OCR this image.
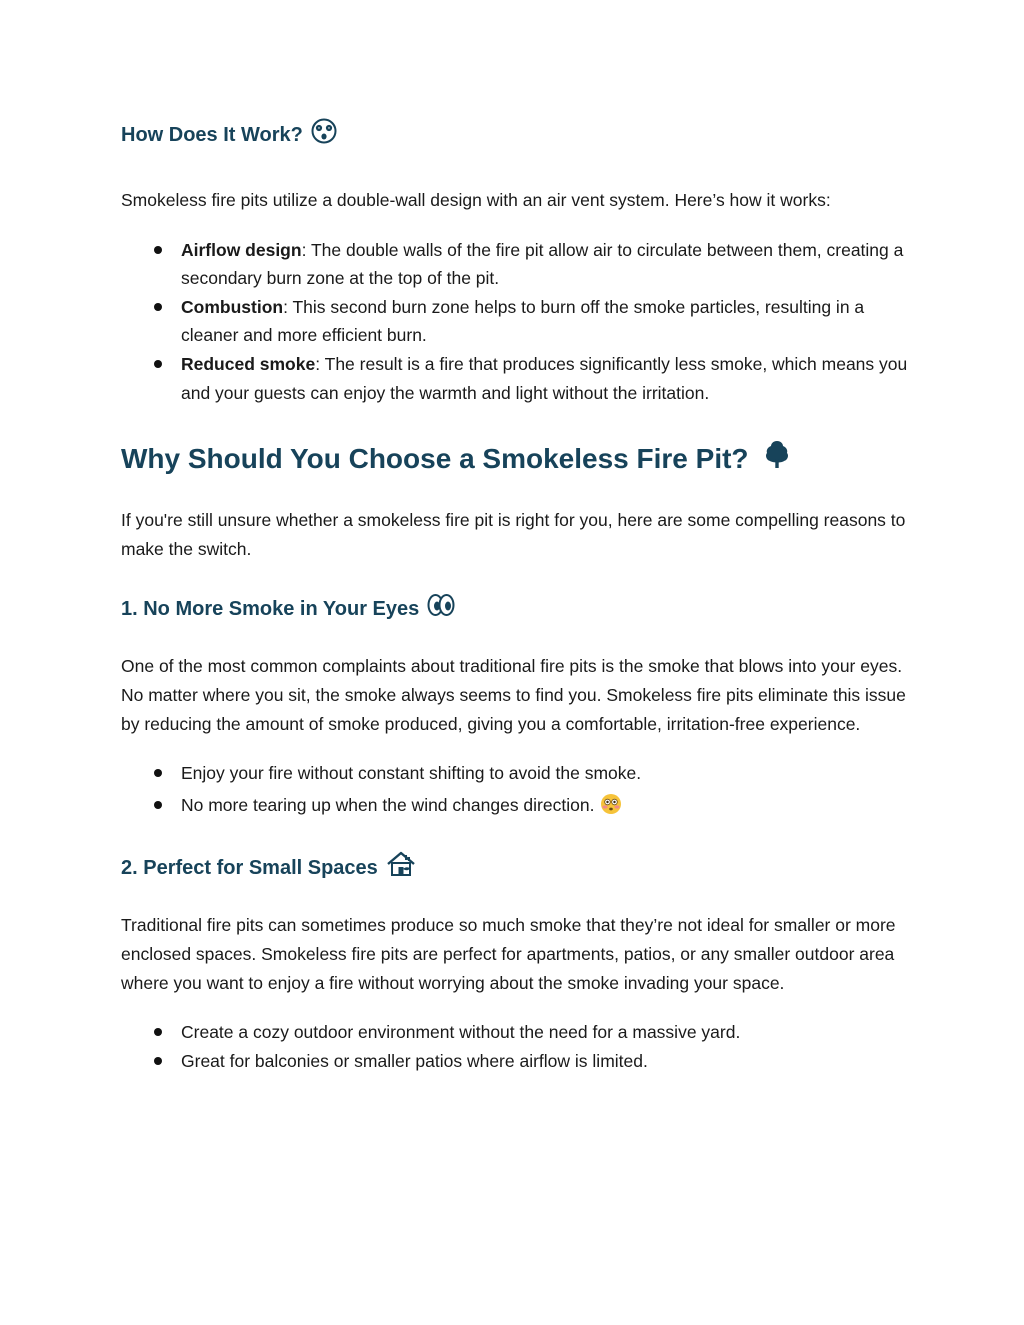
How Does It Work?

Smokeless fire pits utilize a double-wall design with an air vent system. Here’s how it works:

Airflow design: The double walls of the fire pit allow air to circulate between them, creating a secondary burn zone at the top of the pit.
Combustion: This second burn zone helps to burn off the smoke particles, resulting in a cleaner and more efficient burn.
Reduced smoke: The result is a fire that produces significantly less smoke, which means you and your guests can enjoy the warmth and light without the irritation.
Why Should You Choose a Smokeless Fire Pit?

If you're still unsure whether a smokeless fire pit is right for you, here are some compelling reasons to make the switch.

1. No More Smoke in Your Eyes

One of the most common complaints about traditional fire pits is the smoke that blows into your eyes. No matter where you sit, the smoke always seems to find you. Smokeless fire pits eliminate this issue by reducing the amount of smoke produced, giving you a comfortable, irritation-free experience.

Enjoy your fire without constant shifting to avoid the smoke.
No more tearing up when the wind changes direction.
2. Perfect for Small Spaces

Traditional fire pits can sometimes produce so much smoke that they’re not ideal for smaller or more enclosed spaces. Smokeless fire pits are perfect for apartments, patios, or any smaller outdoor area where you want to enjoy a fire without worrying about the smoke invading your space.

Create a cozy outdoor environment without the need for a massive yard.
Great for balconies or smaller patios where airflow is limited.
